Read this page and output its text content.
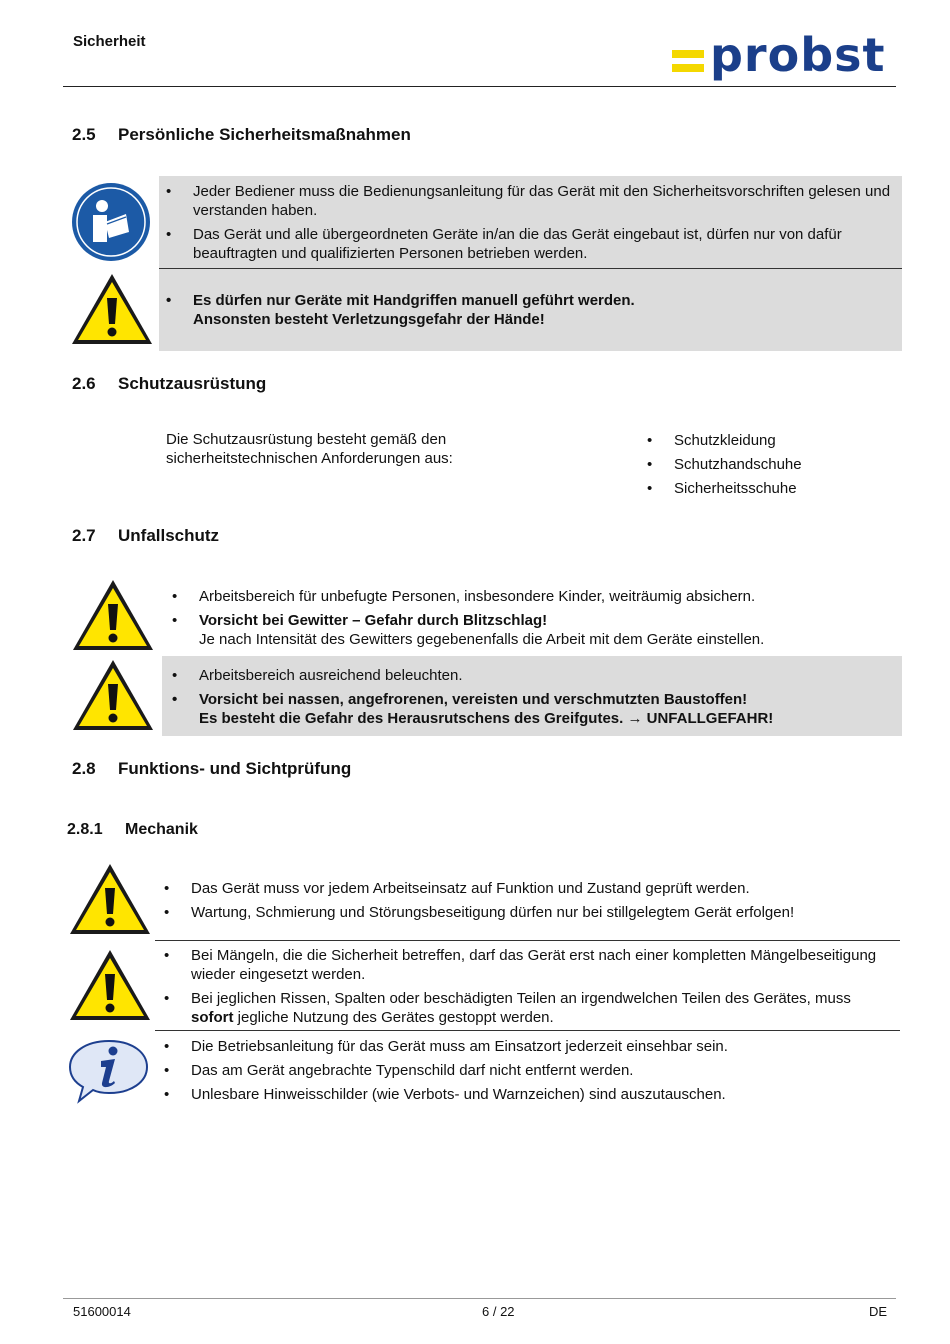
Sicherheit	probst
2.5 Persönliche Sicherheitsmaßnahmen
• Jeder Bediener muss die Bedienungsanleitung für das Gerät mit den Sicherheitsvorschriften gelesen und verstanden haben.
• Das Gerät und alle übergeordneten Geräte in/an die das Gerät eingebaut ist, dürfen nur von dafür beauftragten und qualifizierten Personen betrieben werden.
• Es dürfen nur Geräte mit Handgriffen manuell geführt werden.
Ansonsten besteht Verletzungsgefahr der Hände!
2.6 Schutzausrüstung
Die Schutzausrüstung besteht gemäß den sicherheitstechnischen Anforderungen aus:
• Schutzkleidung
• Schutzhandschuhe
• Sicherheitsschuhe
2.7 Unfallschutz
• Arbeitsbereich für unbefugte Personen, insbesondere Kinder, weiträumig absichern.
• Vorsicht bei Gewitter – Gefahr durch Blitzschlag!
Je nach Intensität des Gewitters gegebenenfalls die Arbeit mit dem Geräte einstellen.
• Arbeitsbereich ausreichend beleuchten.
• Vorsicht bei nassen, angefrorenen, vereisten und verschmutzten Baustoffen!
Es besteht die Gefahr des Herausrutschens des Greifgutes. → UNFALLGEFAHR!
2.8 Funktions- und Sichtprüfung
2.8.1 Mechanik
• Das Gerät muss vor jedem Arbeitseinsatz auf Funktion und Zustand geprüft werden.
• Wartung, Schmierung und Störungsbeseitigung dürfen nur bei stillgelegtem Gerät erfolgen!
• Bei Mängeln, die die Sicherheit betreffen, darf das Gerät erst nach einer kompletten Mängelbeseitigung wieder eingesetzt werden.
• Bei jeglichen Rissen, Spalten oder beschädigten Teilen an irgendwelchen Teilen des Gerätes, muss sofort jegliche Nutzung des Gerätes gestoppt werden.
• Die Betriebsanleitung für das Gerät muss am Einsatzort jederzeit einsehbar sein.
• Das am Gerät angebrachte Typenschild darf nicht entfernt werden.
• Unlesbare Hinweisschilder (wie Verbots- und Warnzeichen) sind auszutauschen.
51600014	6 / 22	DE
